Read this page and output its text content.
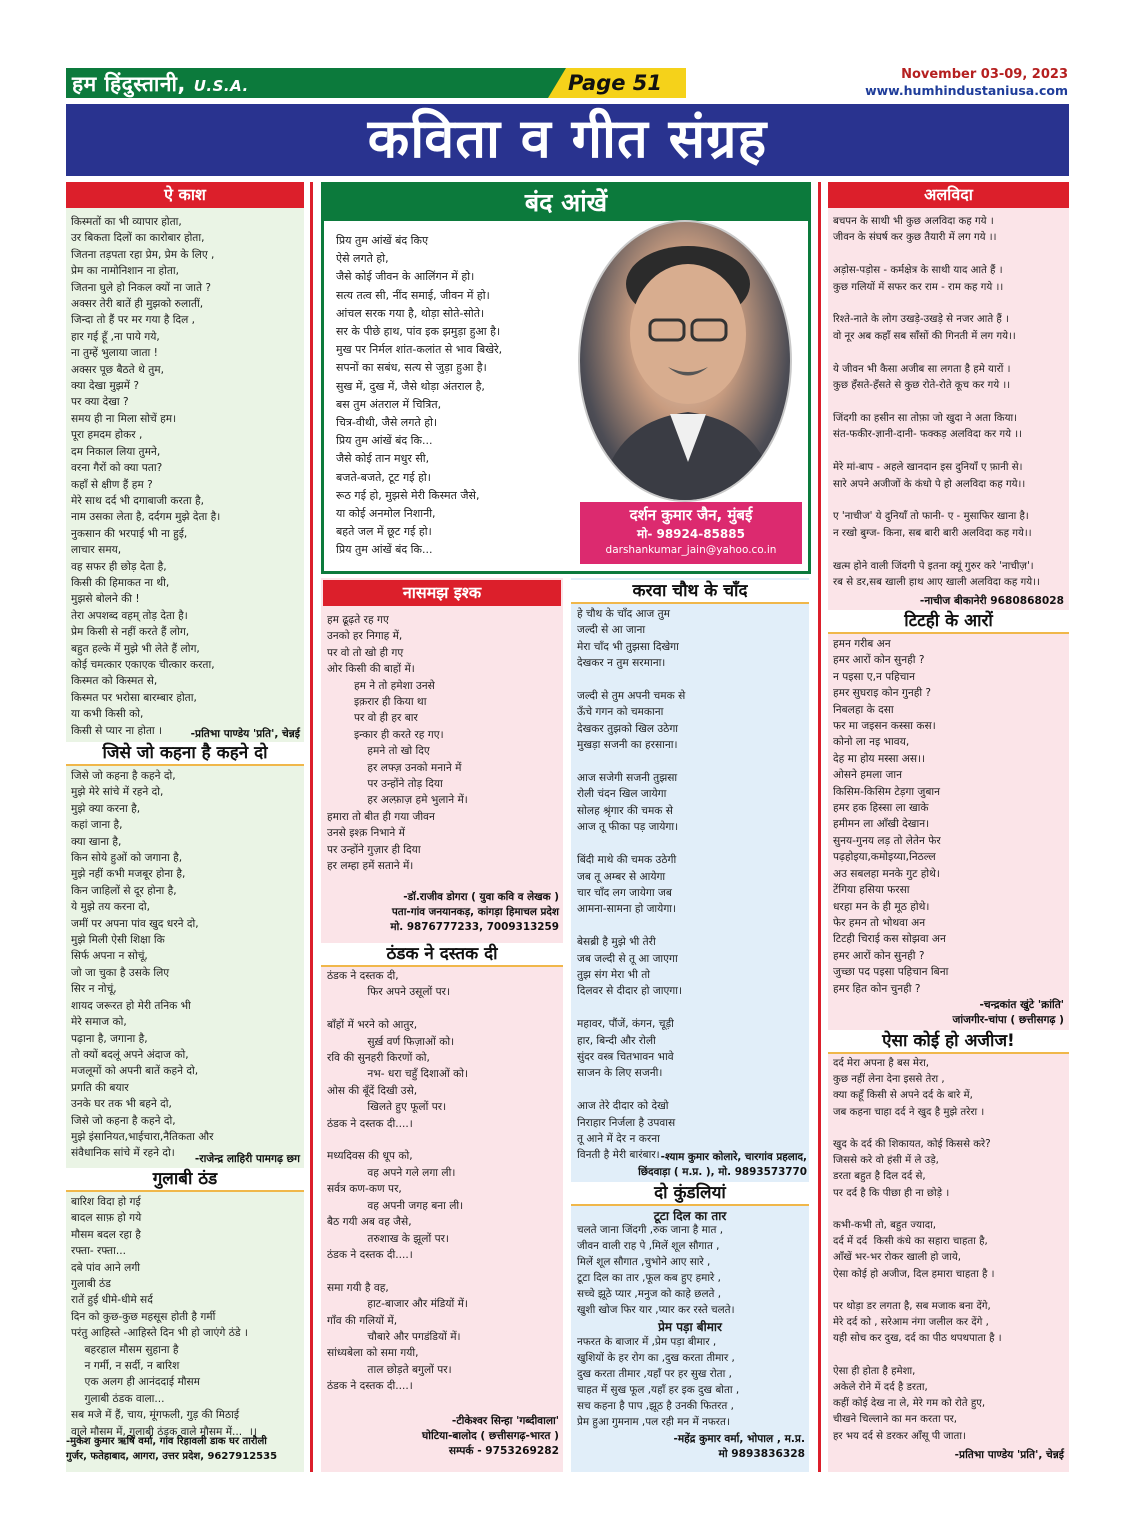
हम हिंदुस्तानी, U.S.A.	Page 51	November 03-09, 2023
www.humhindustaniusa.com
कविता व गीत संग्रह
ऐ काश
किस्मतों का भी व्यापार होता,
उर बिकता दिलों का कारोबार होता,
जितना तड़पता रहा प्रेम, प्रेम के लिए ,
प्रेम का नामोनिशान ना होता,
जितना घुले हो निकल क्यों ना जाते ?
अक्सर तेरी बातें ही मुझको रुलातीं,
जिन्दा तो हैं पर मर गया है दिल ,
हार गई हूँ ,ना पाये गये,
ना तुम्हें भुलाया जाता !
अक्सर पूछ बैठते थे तुम,
क्या देखा मुझमें ?
पर क्या देखा ?
समय ही ना मिला सोचें हम।
पूरा हमदम होकर ,
दम निकाल लिया तुमने,
वरना गैरों को क्या पता?
कहाँ से क्षीण हैं हम ?
मेरे साथ दर्द भी दगाबाजी करता है,
नाम उसका लेता है, दर्दगम मुझे देता है।
नुकसान की भरपाई भी ना हुई,
लाचार समय,
वह सफर ही छोड़ देता है,
किसी की हिमाकत ना थी,
मुझसे बोलने की !
तेरा अपशब्द वहम् तोड़ देता है।
प्रेम किसी से नहीं करते हैं लोग,
बहुत हल्के में मुझे भी लेते हैं लोग,
कोई चमत्कार एकाएक चीत्कार करता,
किस्मत को किस्मत से,
किस्मत पर भरोसा बारम्बार होता,
या कभी किसी को,
किसी से प्यार ना होता ।	-प्रतिभा पाण्डेय 'प्रति', चेन्नई
जिसे जो कहना है कहने दो
जिसे जो कहना है कहने दो,
मुझे मेरे सांचे में रहने दो,
मुझे क्या करना है,
कहां जाना है,
क्या खाना है,
किन सोये हुओं को जगाना है,
मुझे नहीं कभी मजबूर होना है,
किन जाहिलों से दूर होना है,
ये मुझे तय करना दो,
जमीं पर अपना पांव खुद धरने दो,
मुझे मिली ऐसी शिक्षा कि
सिर्फ अपना न सोचूं,
जो जा चुका है उसके लिए
सिर न नोचूं,
शायद जरूरत हो मेरी तनिक भी
मेरे समाज को,
पढ़ाना है, जगाना है,
तो क्यों बदलूं अपने अंदाज को,
मजलूमों को अपनी बातें कहने दो,
प्रगति की बयार
उनके घर तक भी बहने दो,
जिसे जो कहना है कहने दो,
मुझे इंसानियत,भाईचारा,नैतिकता और
संवैधानिक सांचे में रहने दो।	-राजेन्द्र लाहिरी पामगढ़ छग
गुलाबी ठंड
बारिश विदा हो गई
बादल साफ़ हो गये
मौसम बदल रहा है
रफ्ता- रफ्ता...
दबे पांव आने लगी
गुलाबी ठंड
रातें हुई धीमे-धीमे सर्द
दिन को कुछ-कुछ महसूस होती है गर्मी
परंतु आहिस्ते -आहिस्ते दिन भी हो जाएंगे ठंडे ।
बहरहाल मौसम सुहाना है
न गर्मी, न सर्दी, न बारिश
एक अलग ही आनंददाई मौसम
गुलाबी ठंडक वाला...
सब मजे में हैं, चाय, मूंगफली, गुड़ की मिठाई
वाले मौसम में, गुलाबी ठंडक वाले मौसम में...  ।।
-मुकेश कुमार ऋषि वर्मा, गांव रिहावली डाक घर तारौली
गुर्जर, फतेहाबाद, आगरा, उत्तर प्रदेश, 9627912535
बंद आंखें
प्रिय तुम आंखें बंद किए
ऐसे लगते हो,
जैसे कोई जीवन के आलिंगन में हो।
सत्य तत्व सी, नींद समाई, जीवन में हो।
आंचल सरक गया है, थोड़ा सोते-सोते।
सर के पीछे हाथ, पांव इक झमुड़ा हुआ है।
मुख पर निर्मल शांत-कलांत से भाव बिखेरे,
सपनों का सबंध, सत्य से जुड़ा हुआ है।
सुख में, दुख में, जैसे थोड़ा अंतराल है,
बस तुम अंतराल में चित्रित,
चित्र-वीथी, जैसे लगते हो।
प्रिय तुम आंखें बंद कि...
जैसे कोई तान मधुर सी,
बजते-बजते, टूट गई हो।
रूठ गई हो, मुझसे मेरी किस्मत जैसे,
या कोई अनमोल निशानी,
बहते जल में छूट गई हो।
प्रिय तुम आंखें बंद कि...
दर्शन कुमार जैन, मुंबई
मो- 98924-85885
darshankumar_jain@yahoo.co.in
नासमझ इश्क
हम ढूढ़ते रह गए
उनको हर निगाह में,
पर वो तो खो ही गए
ओर किसी की बाहों में।
हम ने तो हमेशा उनसे
इक़रार ही किया था
पर वो ही हर बार
इन्कार ही करते रह गए।
हमने तो खो दिए
हर लफ्ज़ उनको मनाने में
पर उन्होंने तोड़ दिया
हर अल्फ़ाज़ हमे भुलाने में।
हमारा तो बीत ही गया जीवन
उनसे इश्क़ निभाने में
पर उन्होंने गुज़ार ही दिया
हर लम्हा हमें सताने में।
-डॉ.राजीव डोगरा ( युवा कवि व लेखक )
पता-गांव जनयानकड़, कांगड़ा हिमाचल प्रदेश
मो. 9876777233, 7009313259
ठंडक ने दस्तक दी
ठंडक ने दस्तक दी,
फिर अपने उसूलों पर।

बाँहों में भरने को आतुर,
सुर्ख़ वर्ण फिज़ाओं को।
रवि की सुनहरी किरणों को,
नभ- धरा चहुँ दिशाओं को।
ओस की बूँदें दिखी उसे,
खिलते हुए फूलों पर।
ठंडक ने दस्तक दी....।

मध्यदिवस की धूप को,
वह अपने गले लगा ली।
सर्वत्र कण-कण पर,
वह अपनी जगह बना ली।
बैठ गयी अब वह जैसे,
तरुशाख के झूलों पर।
ठंडक ने दस्तक दी....।

समा गयी है वह,
हाट-बाजार और मंडियों में।
गाँव की गलियों में,
चौबारे और पगडंडियों में।
सांध्यबेला को समा गयी,
ताल छोड़ते बगुलों पर।
ठंडक ने दस्तक दी....।
-टीकेश्वर सिन्हा 'गब्दीवाला'
घोटिया-बालोद ( छत्तीसगढ़-भारत )
सम्पर्क - 9753269282
करवा चौथ के चाँद
हे चौथ के चाँद आज तुम
जल्दी से आ जाना
मेरा चाँद भी तुझसा दिखेगा
देखकर न तुम सरमाना।

जल्दी से तुम अपनी चमक से
ऊँचे गगन को चमकाना
देखकर तुझको खिल उठेगा
मुखड़ा सजनी का हरसाना।

आज सजेगी सजनी तुझसा
रोली चंदन खिल जायेगा
सोलह श्रृंगार की चमक से
आज तू फीका पड़ जायेगा।

बिंदी माथे की चमक उठेगी
जब तू अम्बर से आयेगा
चार चाँद लग जायेगा जब
आमना-सामना हो जायेगा।

बेसब्री है मुझे भी तेरी
जब जल्दी से तू आ जाएगा
तुझ संग मेरा भी तो
दिलवर से दीदार हो जाएगा।

महावर, पौंजें, कंगन, चूड़ी
हार, बिन्दी और रोली
सुंदर वस्त्र चितभावन भावे
साजन के लिए सजनी।

आज तेरे दीदार को देखो
निराहार निर्जला है उपवास
तू आने में देर न करना
विनती है मेरी बारंबार। -श्याम कुमार कोलारे, चारगांव प्रहलाद,
छिंदवाड़ा ( म.प्र. ), मो. 9893573770
दो कुंडलियां
टूटा दिल का तार
चलते जाना जिंदगी ,रुक जाना है मात ,
जीवन वाली राह पे ,मिलें शूल सौगात ,
मिलें शूल सौगात ,चुभोने आए सारे ,
टूटा दिल का तार ,फूल कब हुए हमारे ,
सच्चे झूठे प्यार ,मनुज को काहे छलते ,
खुशी खोज फिर यार ,प्यार कर रस्ते चलते।
प्रेम पड़ा बीमार
नफरत के बाजार में ,प्रेम पड़ा बीमार ,
खुशियों के हर रोग का ,दुख करता तीमार ,
दुख करता तीमार ,यहाँ पर हर सुख रोता ,
चाहत में सुख फूल ,यहाँ हर इक दुख बोता ,
सच कहना है पाप ,झूठ है उनकी फितरत ,
प्रेम हुआ गुमनाम ,पल रही मन में नफरत।
-महेंद्र कुमार वर्मा, भोपाल , म.प्र.
मो 9893836328
अलविदा
बचपन के साथी भी कुछ अलविदा कह गये ।
जीवन के संघर्ष कर कुछ तैयारी में लग गये ।।

अड़ोस-पड़ोस - कर्मक्षेत्र के साथी याद आते हैं ।
कुछ गलियों में सफर कर राम - राम कह गये ।।

रिश्ते-नाते के लोग उखड़े-उखड़े से नजर आते हैं ।
वो नूर अब कहाँ सब साँसों की गिनती में लग गये।।

ये जीवन भी कैसा अजीब सा लगता है हमे यारों ।
कुछ हँसते-हँसते से कुछ रोते-रोते कूच कर गये ।।

जिंदगी का हसीन सा तोफ़ा जो खुदा ने अता किया।
संत-फकीर-ज्ञानी-दानी- फक्कड़ अलविदा कर गये ।।

मेरे मां-बाप - अहले खानदान इस दुनियाँ ए फ़ानी से।
सारे अपने अजीजों के कंधो पे हो अलविदा कह गये।।

ए 'नाचीज' ये दुनियाँ तो फानी- ए - मुसाफिर खाना है।
न रखो बुग्ज- किना, सब बारी बारी अलविदा कह गये।।

खत्म होने वाली जिंदगी पे इतना क्यूं गुरुर करे 'नाचीज़'।
रब से डर,सब खाली हाथ आए खाली अलविदा कह गये।।
-नाचीज बीकानेरी 9680868028
टिटही के आरों
हमन गरीब अन
हमर आरों कोन सुनही ?
न पइसा ए,न पहिचान
हमर सुघराइ कोन गुनही ?
निबलहा के दसा
फर मा जइसन कस्सा कस।
कोनो ला नइ भावय,
देह मा होय मस्सा अस।।
ओसने हमला जान
किसिम-किसिम टेड़गा जुबान
हमर हक हिस्सा ला खाके
हमीमन ला आँखी देखान।
सुनय-गुनय लड़ तो लेतेन फेर
पढ़होइया,कमोइय्या,निठल्ल
अउ सबलहा मनके गुट होथे।
टेंगिया हसिया फरसा
धरहा मन के ही मूठ होथे।
फेर हमन तो भोथवा अन
टिटही चिराई कस सोझवा अन
हमर आरों कोन सुनही ?
जुच्छा पद पइसा पहिचान बिना
हमर हित कोन चुनही ?
-चन्द्रकांत खुंटे 'क्रांति'
जांजगीर-चांपा ( छत्तीसगढ़ )
ऐसा कोई हो अजीज!
दर्द मेरा अपना है बस मेरा,
कुछ नहीं लेना देना इससे तेरा ,
क्या कहूँ किसी से अपने दर्द के बारे में,
जब कहना चाहा दर्द ने खुद है मुझे तरेरा ।

खुद के दर्द की शिकायत, कोई किससे करे?
जिससे करे वो हंसी में ले उड़े,
डरता बहुत है दिल दर्द से,
पर दर्द है कि पीछा ही ना छोड़े ।

कभी-कभी तो, बहुत ज्यादा,
दर्द में दर्द  किसी कंधे का सहारा चाहता है,
आँखें भर-भर रोकर खाली हो जाये,
ऐसा कोई हो अजीज, दिल हमारा चाहता है ।

पर थोड़ा डर लगता है, सब मजाक बना देंगे,
मेरे दर्द को , सरेआम नंगा जलील कर देंगे ,
यही सोच कर दुख, दर्द का पीठ थपथपाता है ।

ऐसा ही होता है हमेशा,
अकेले रोने में दर्द है डरता,
कहीं कोई देख ना ले, मेरे गम को रोते हुए,
चीखने चिल्लाने का मन करता पर,
हर भय दर्द से डरकर आँसू पी जाता।
-प्रतिभा पाण्डेय 'प्रति', चेन्नई
